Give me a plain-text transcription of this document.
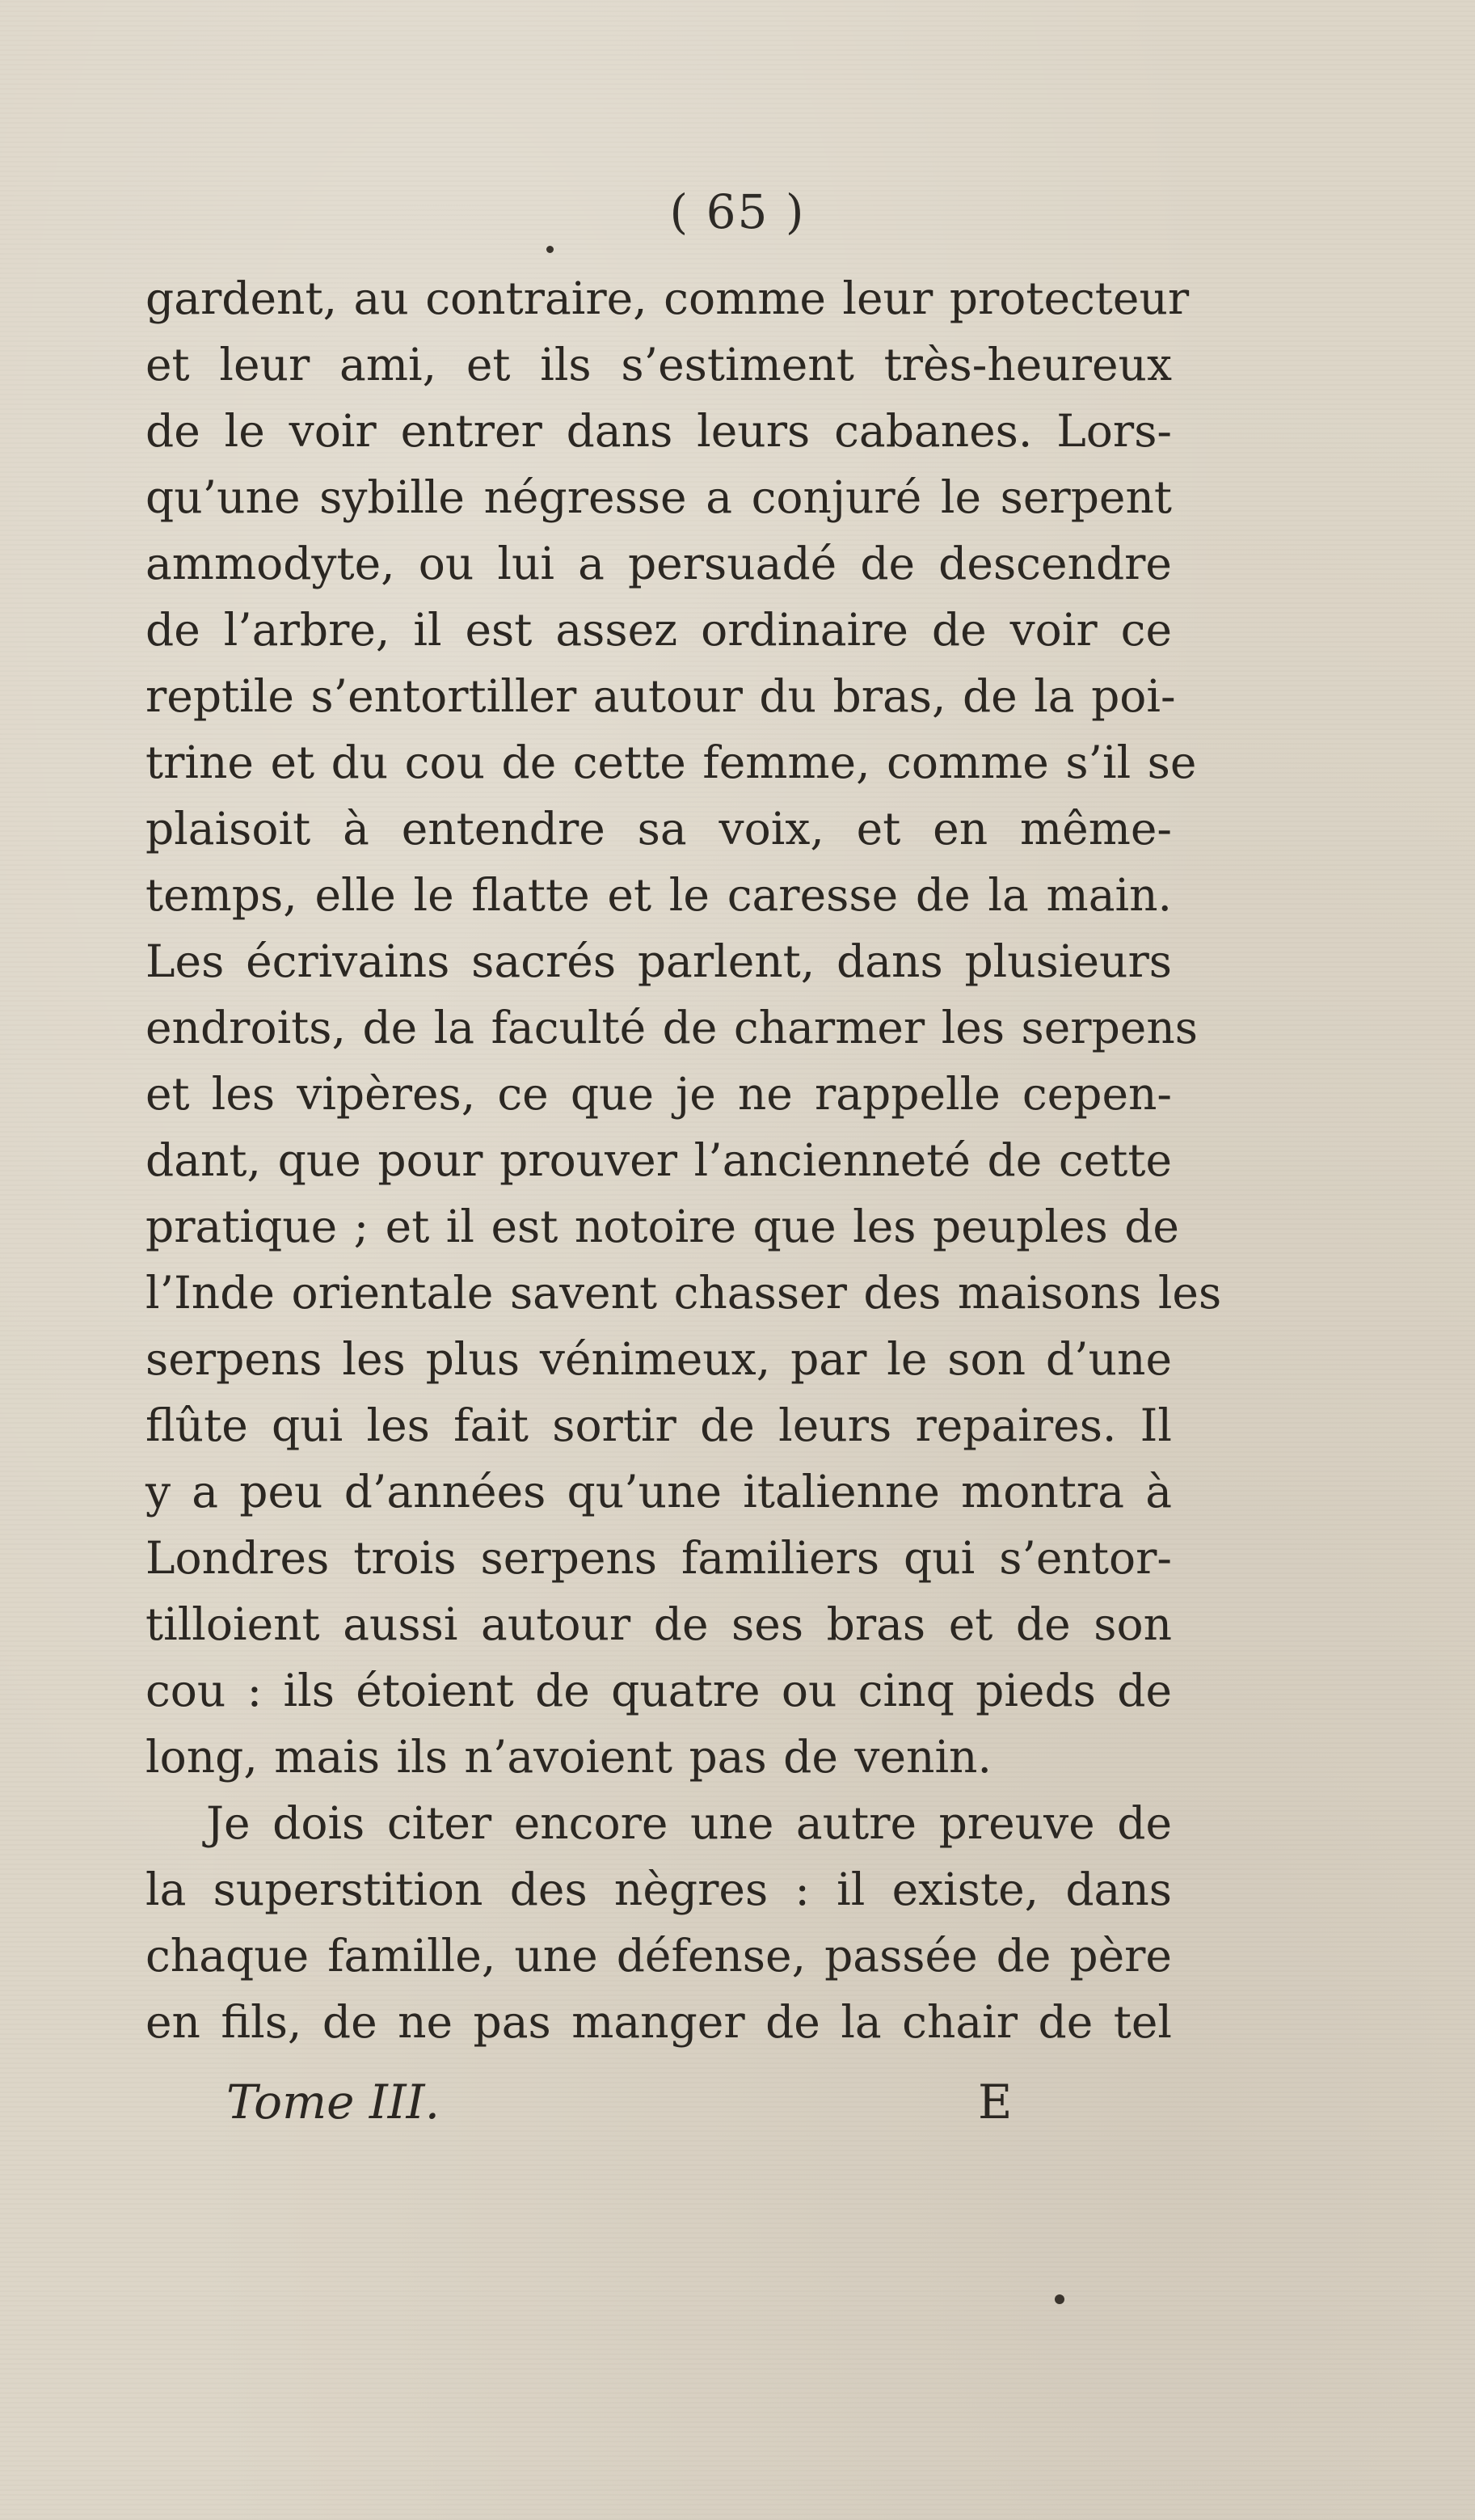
( 65 )
gardent, au contraire, comme leur protecteur
et leur ami, et ils s’estiment très-heureux
de le voir entrer dans leurs cabanes. Lors-
qu’une sybille négresse a conjuré le serpent
ammodyte, ou lui a persuadé de descendre
de l’arbre, il est assez ordinaire de voir ce
reptile s’entortiller autour du bras, de la poi-
trine et du cou de cette femme, comme s’il se
plaisoit à entendre sa voix, et en même-
temps, elle le flatte et le caresse de la main.
Les écrivains sacrés parlent, dans plusieurs
endroits, de la faculté de charmer les serpens
et les vipères, ce que je ne rappelle cepen-
dant, que pour prouver l’ancienneté de cette
pratique ; et il est notoire que les peuples de
l’Inde orientale savent chasser des maisons les
serpens les plus vénimeux, par le son d’une
flûte qui les fait sortir de leurs repaires. Il
y a peu d’années qu’une italienne montra à
Londres trois serpens familiers qui s’entor-
tilloient aussi autour de ses bras et de son
cou : ils étoient de quatre ou cinq pieds de
long, mais ils n’avoient pas de venin.
Je dois citer encore une autre preuve de
la superstition des nègres : il existe, dans
chaque famille, une défense, passée de père
en fils, de ne pas manger de la chair de tel
Tome III.	E
